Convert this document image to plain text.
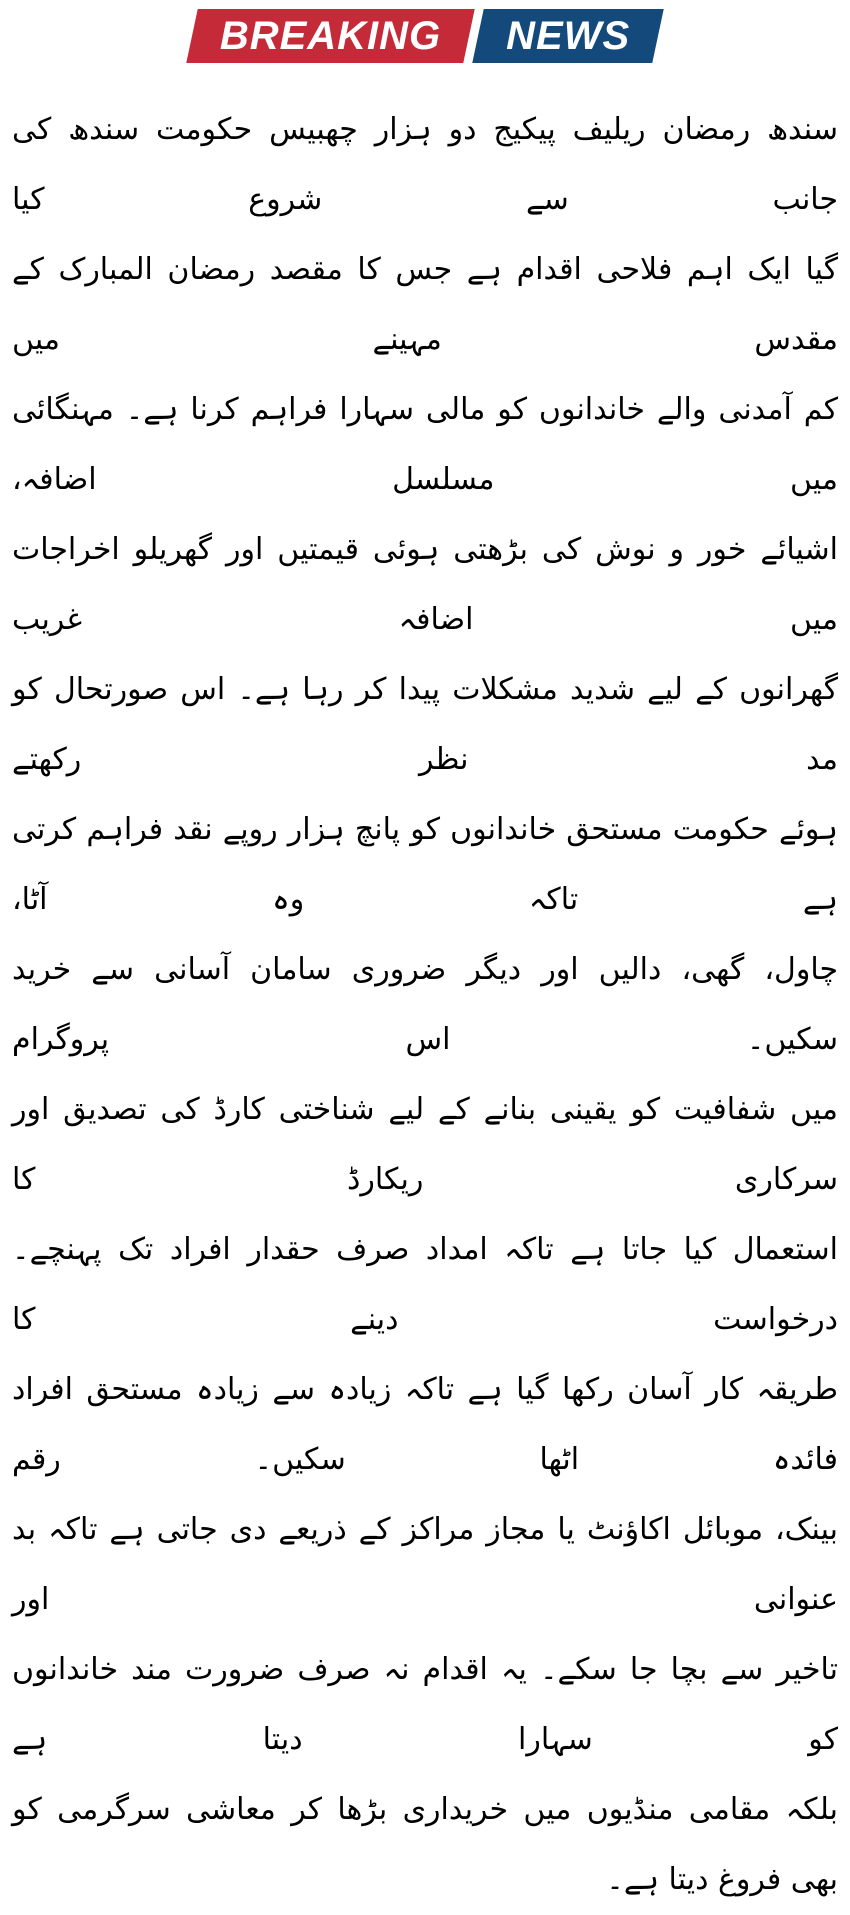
BREAKING NEWS
سندھ رمضان ریلیف پیکیج دو ہزار چھبیس حکومت سندھ کی جانب سے شروع کیا
گیا ایک اہم فلاحی اقدام ہے جس کا مقصد رمضان المبارک کے مقدس مہینے میں
کم آمدنی والے خاندانوں کو مالی سہارا فراہم کرنا ہے۔ مہنگائی میں مسلسل اضافہ،
اشیائے خور و نوش کی بڑھتی ہوئی قیمتیں اور گھریلو اخراجات میں اضافہ غریب
گھرانوں کے لیے شدید مشکلات پیدا کر رہا ہے۔ اس صورتحال کو مد نظر رکھتے
ہوئے حکومت مستحق خاندانوں کو پانچ ہزار روپے نقد فراہم کرتی ہے تاکہ وہ آٹا،
چاول، گھی، دالیں اور دیگر ضروری سامان آسانی سے خرید سکیں۔ اس پروگرام
میں شفافیت کو یقینی بنانے کے لیے شناختی کارڈ کی تصدیق اور سرکاری ریکارڈ کا
استعمال کیا جاتا ہے تاکہ امداد صرف حقدار افراد تک پہنچے۔ درخواست دینے کا
طریقہ کار آسان رکھا گیا ہے تاکہ زیادہ سے زیادہ مستحق افراد فائدہ اٹھا سکیں۔ رقم
بینک، موبائل اکاؤنٹ یا مجاز مراکز کے ذریعے دی جاتی ہے تاکہ بد عنوانی اور
تاخیر سے بچا جا سکے۔ یہ اقدام نہ صرف ضرورت مند خاندانوں کو سہارا دیتا ہے
بلکہ مقامی منڈیوں میں خریداری بڑھا کر معاشی سرگرمی کو بھی فروغ دیتا ہے۔
